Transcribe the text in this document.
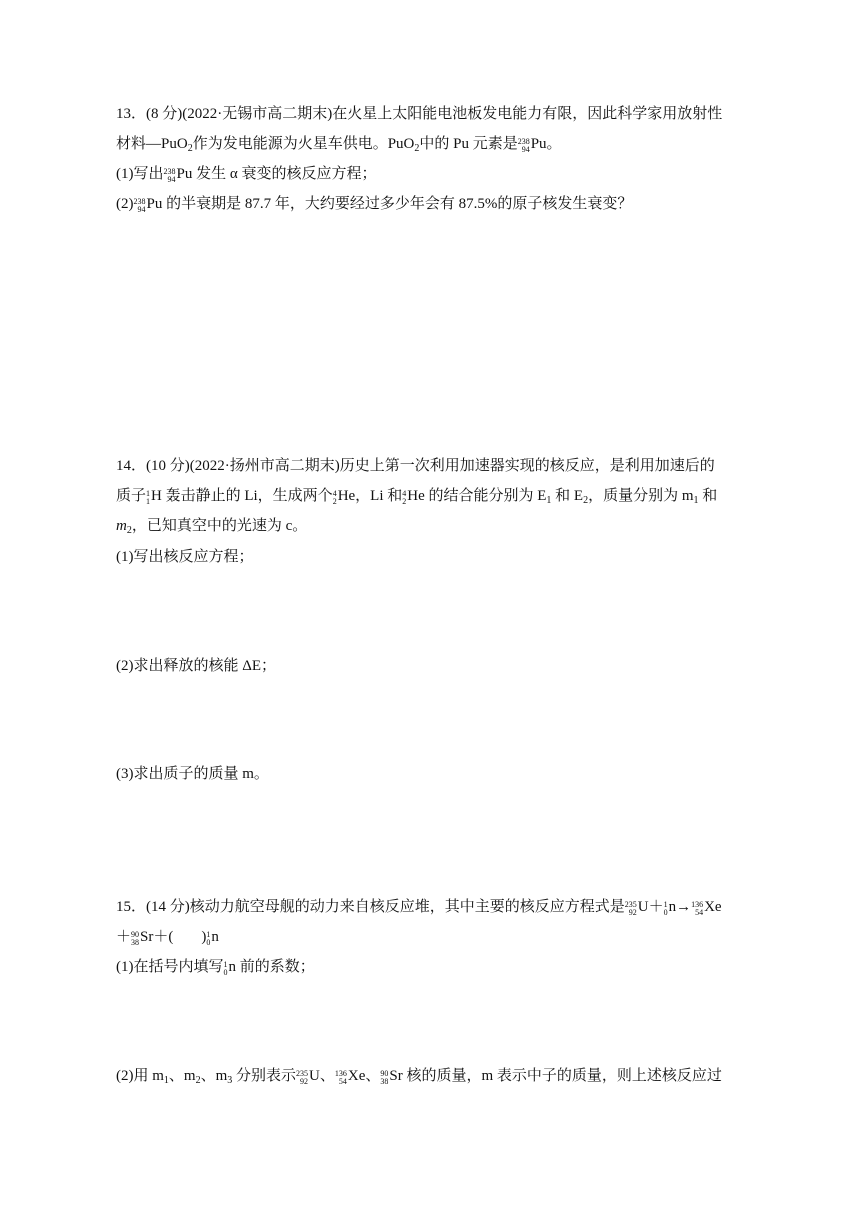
13．(8 分)(2022·无锡市高二期末)在火星上太阳能电池板发电能力有限，因此科学家用放射性
材料—PuO$_2$作为发电能源为火星车供电。PuO$_2$中的 Pu 元素是 238
94 Pu。
(1)写出 238
94 Pu 发生 α 衰变的核反应方程；
(2) 238
94 Pu 的半衰期是 87.7 年，大约要经过多少年会有 87.5%的原子核发生衰变？
14．(10 分)(2022·扬州市高二期末)历史上第一次利用加速器实现的核反应，是利用加速后的
质子 1
1 H 轰击静止的 Li，生成两个 4
2 He，Li 和 4
2 He 的结合能分别为 $E_1$ 和 $E_2$，质量分别为 $m_1$ 和
$m_2$，已知真空中的光速为 c。
(1)写出核反应方程；
(2)求出释放的核能 ΔE；
(3)求出质子的质量 m。
15．(14 分)核动力航空母舰的动力来自核反应堆，其中主要的核反应方程式是 235
92 U＋ 1
0 n→ 136
54 Xe
＋ 90
38 Sr＋( ) 1
0 n
(1)在括号内填写 1
0 n 前的系数；
(2)用 $m_1$、$m_2$、$m_3$ 分别表示 235
92 U、 136
54 Xe、 90
38 Sr 核的质量，m 表示中子的质量，则上述核反应过
